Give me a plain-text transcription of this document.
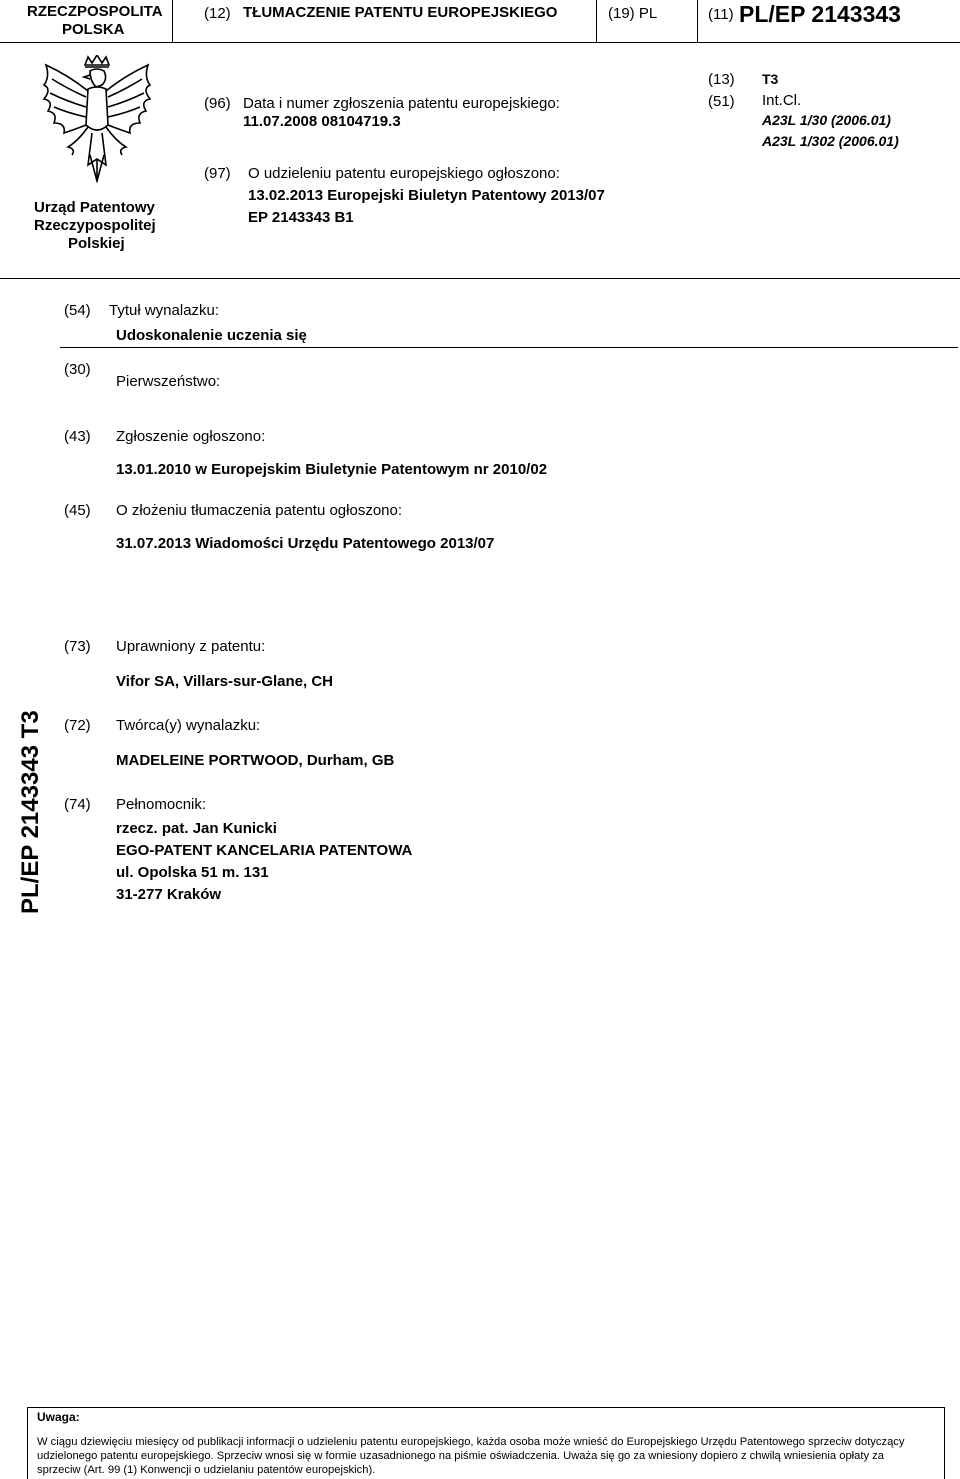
RZECZPOSPOLITA
POLSKA
(12) TŁUMACZENIE PATENTU EUROPEJSKIEGO	(19) PL	(11) PL/EP 2143343
Urząd Patentowy
Rzeczypospolitej
Polskiej
(96) Data i numer zgłoszenia patentu europejskiego:
11.07.2008 08104719.3
(97) O udzieleniu patentu europejskiego ogłoszono:
13.02.2013 Europejski Biuletyn Patentowy 2013/07
EP 2143343 B1
(13) T3
(51) Int.Cl.
A23L 1/30 (2006.01)
A23L 1/302 (2006.01)
(54) Tytuł wynalazku:
Udoskonalenie uczenia się
(30)
Pierwszeństwo:
(43) Zgłoszenie ogłoszono:
13.01.2010 w Europejskim Biuletynie Patentowym nr 2010/02
(45) O złożeniu tłumaczenia patentu ogłoszono:
31.07.2013 Wiadomości Urzędu Patentowego 2013/07
(73) Uprawniony z patentu:
Vifor SA, Villars-sur-Glane, CH
(72) Twórca(y) wynalazku:
MADELEINE PORTWOOD, Durham, GB
(74) Pełnomocnik:
rzecz. pat. Jan Kunicki
EGO-PATENT KANCELARIA PATENTOWA
ul. Opolska 51 m. 131
31-277 Kraków
PL/EP 2143343 T3
Uwaga:
W ciągu dziewięciu miesięcy od publikacji informacji o udzieleniu patentu europejskiego, każda osoba może wnieść do Europejskiego Urzędu Patentowego sprzeciw dotyczący
udzielonego patentu europejskiego. Sprzeciw wnosi się w formie uzasadnionego na piśmie oświadczenia. Uważa się go za wniesiony dopiero z chwilą wniesienia opłaty za
sprzeciw (Art. 99 (1) Konwencji o udzielaniu patentów europejskich).
